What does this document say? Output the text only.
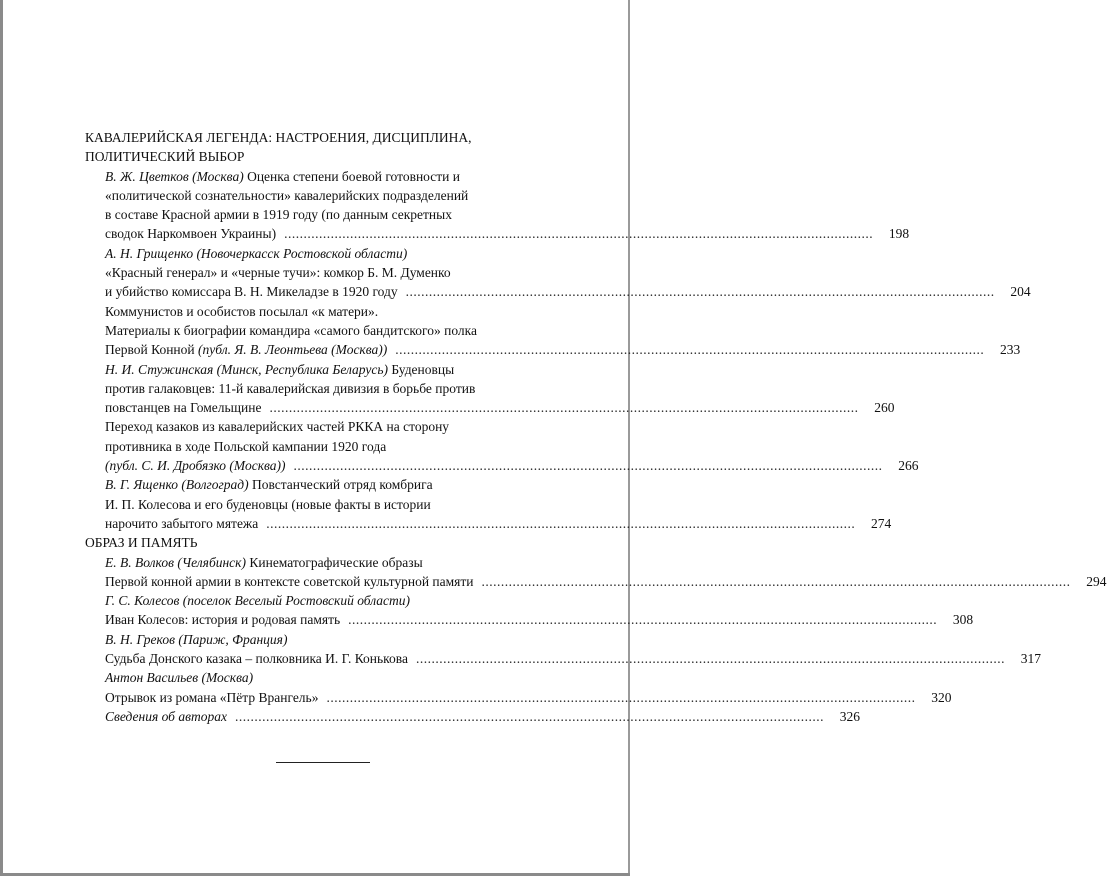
КАВАЛЕРИЙСКАЯ ЛЕГЕНДА: НАСТРОЕНИЯ, ДИСЦИПЛИНА,
ПОЛИТИЧЕСКИЙ ВЫБОР
В. Ж. Цветков (Москва) Оценка степени боевой готовности и
«политической сознательности» кавалерийских подразделений
в составе Красной армии в 1919 году (по данным секретных
сводок Наркомвоен Украины) ........................................................................................................................................................	198
А. Н. Грищенко (Новочеркасск Ростовской области)
«Красный генерал» и «черные тучи»: комкор Б. М. Думенко
и убийство комиссара В. Н. Микеладзе в 1920 году ........................................................................................................................................................	204
Коммунистов и особистов посылал «к матери».
Материалы к биографии командира «самого бандитского» полка
Первой Конной (публ. Я. В. Леонтьева (Москва)) ........................................................................................................................................................	233
Н. И. Стужинская (Минск, Республика Беларусь) Буденовцы
против галаковцев: 11-й кавалерийская дивизия в борьбе против
повстанцев на Гомельщине ........................................................................................................................................................	260
Переход казаков из кавалерийских частей РККА на сторону
противника в ходе Польской кампании 1920 года
(публ. С. И. Дробязко (Москва)) ........................................................................................................................................................	266
В. Г. Ященко (Волгоград) Повстанческий отряд комбрига
И. П. Колесова и его буденовцы (новые факты в истории
нарочито забытого мятежа ........................................................................................................................................................	274
ОБРАЗ И ПАМЯТЬ
Е. В. Волков (Челябинск) Кинематографические образы
Первой конной армии в контексте советской культурной памяти ........................................................................................................................................................	294
Г. С. Колесов (поселок Веселый Ростовский области)
Иван Колесов: история и родовая память ........................................................................................................................................................	308
В. Н. Греков (Париж, Франция)
Судьба Донского казака – полковника И. Г. Конькова ........................................................................................................................................................	317
Антон Васильев (Москва)
Отрывок из романа «Пётр Врангель» ........................................................................................................................................................	320
Сведения об авторах ........................................................................................................................................................	326
